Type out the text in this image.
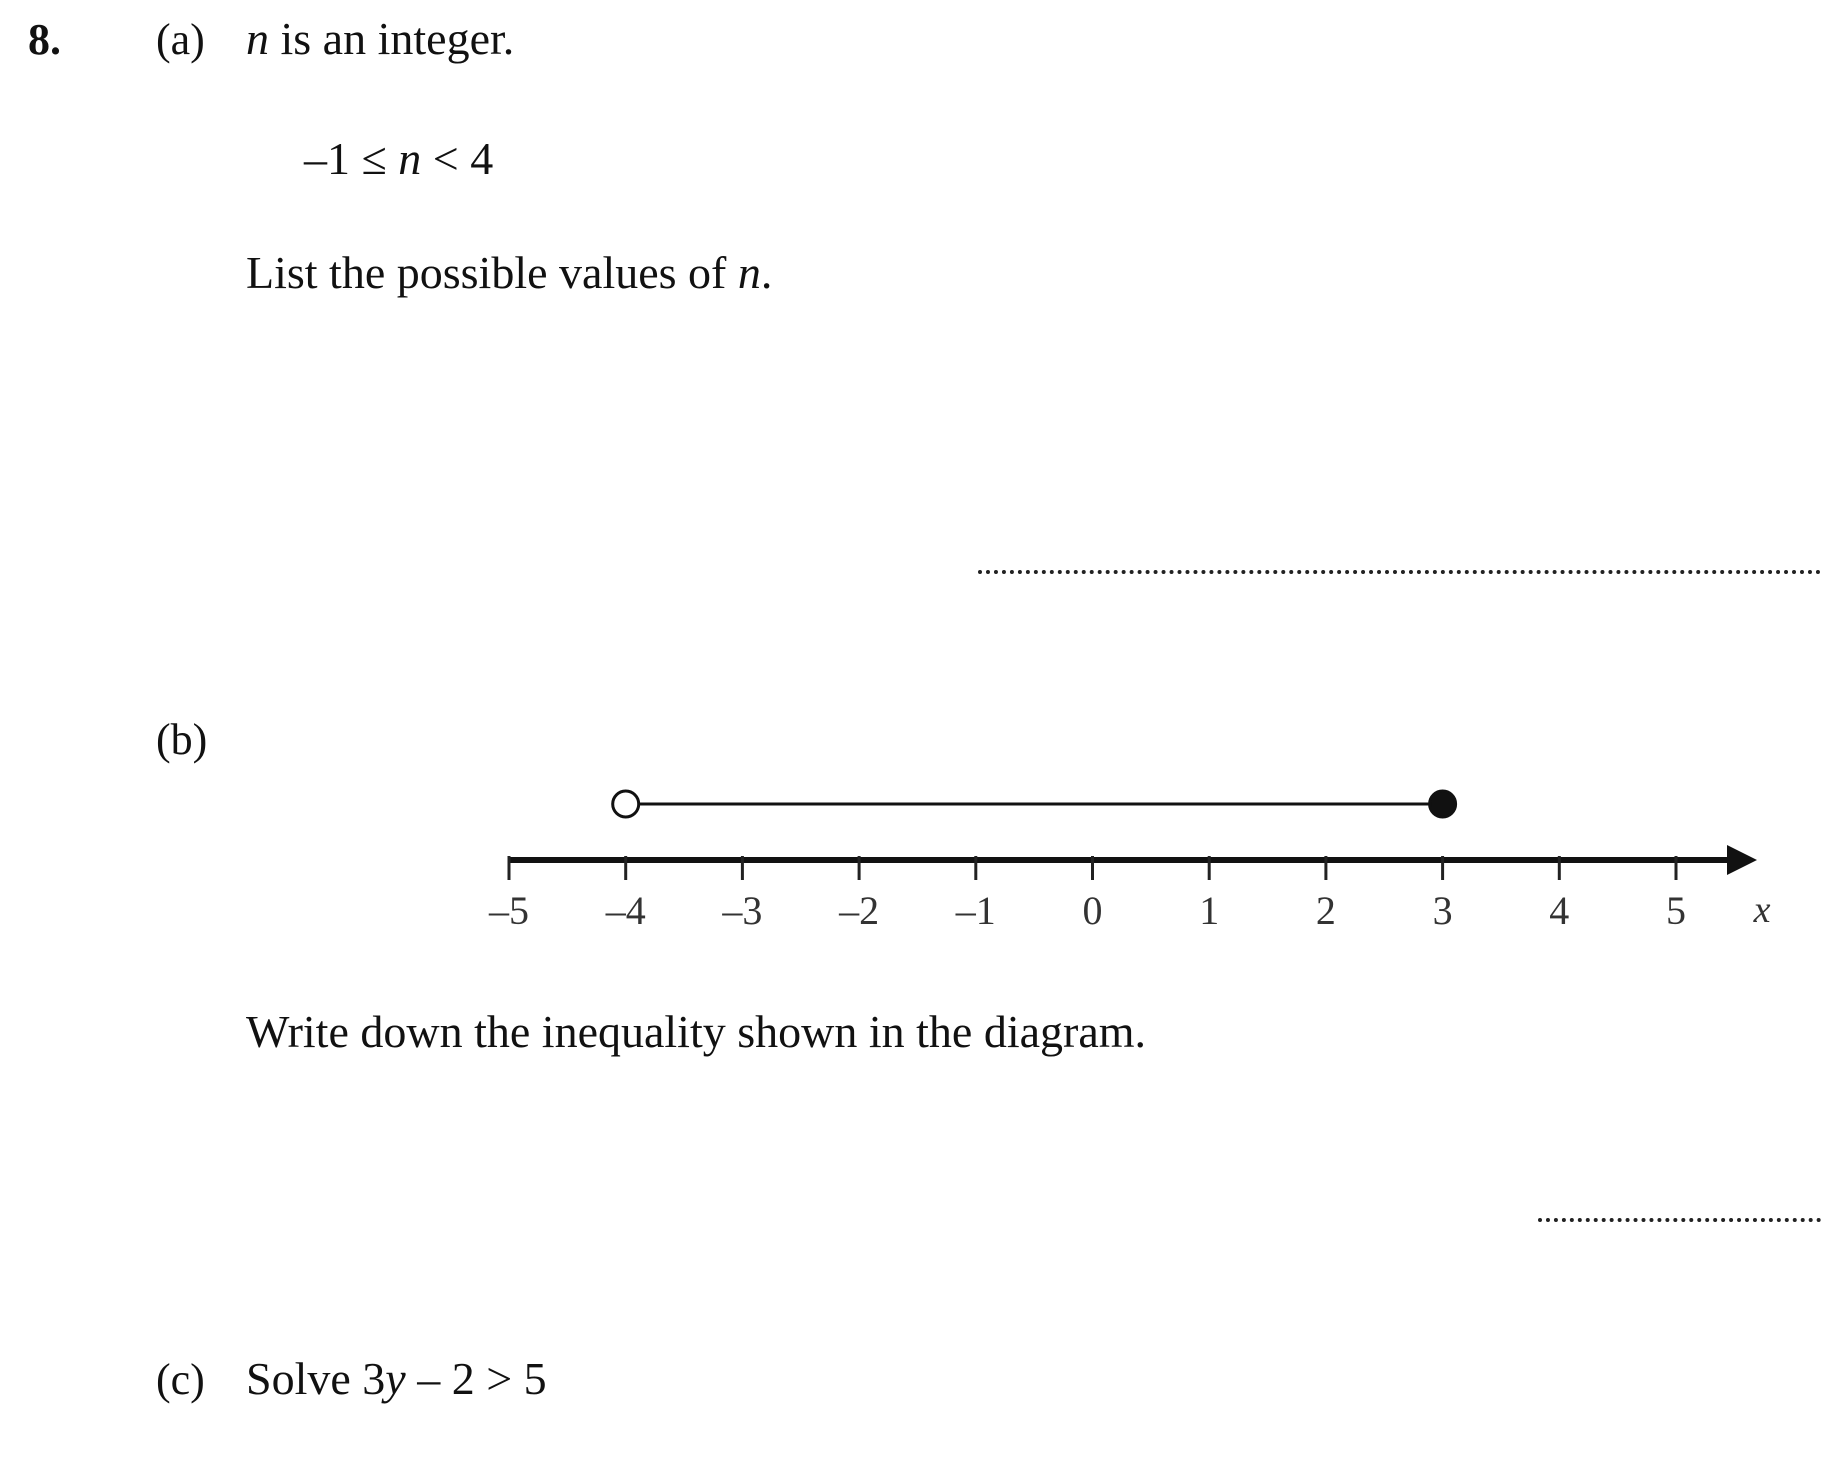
8. (a) n is an integer.
–1 ≤ n < 4
List the possible values of n.
(b)
–5 –4 –3 –2 –1 0 1 2 3 4 5 x
Write down the inequality shown in the diagram.
(c) Solve 3y – 2 > 5
